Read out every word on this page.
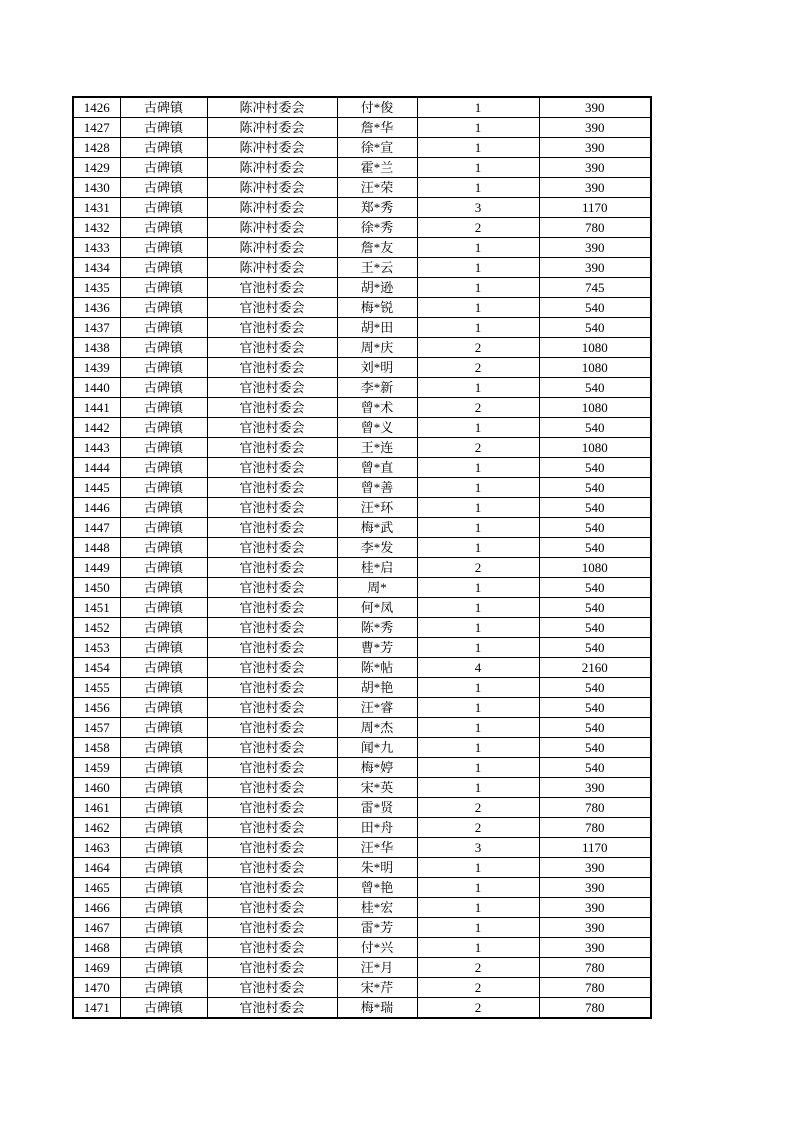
1426	古碑镇	陈冲村委会	付*俊	1	390
1427	古碑镇	陈冲村委会	詹*华	1	390
1428	古碑镇	陈冲村委会	徐*宣	1	390
1429	古碑镇	陈冲村委会	霍*兰	1	390
1430	古碑镇	陈冲村委会	汪*荣	1	390
1431	古碑镇	陈冲村委会	郑*秀	3	1170
1432	古碑镇	陈冲村委会	徐*秀	2	780
1433	古碑镇	陈冲村委会	詹*友	1	390
1434	古碑镇	陈冲村委会	王*云	1	390
1435	古碑镇	官池村委会	胡*逊	1	745
1436	古碑镇	官池村委会	梅*锐	1	540
1437	古碑镇	官池村委会	胡*田	1	540
1438	古碑镇	官池村委会	周*庆	2	1080
1439	古碑镇	官池村委会	刘*明	2	1080
1440	古碑镇	官池村委会	李*新	1	540
1441	古碑镇	官池村委会	曾*术	2	1080
1442	古碑镇	官池村委会	曾*义	1	540
1443	古碑镇	官池村委会	王*连	2	1080
1444	古碑镇	官池村委会	曾*直	1	540
1445	古碑镇	官池村委会	曾*善	1	540
1446	古碑镇	官池村委会	汪*环	1	540
1447	古碑镇	官池村委会	梅*武	1	540
1448	古碑镇	官池村委会	李*发	1	540
1449	古碑镇	官池村委会	桂*启	2	1080
1450	古碑镇	官池村委会	周*	1	540
1451	古碑镇	官池村委会	何*凤	1	540
1452	古碑镇	官池村委会	陈*秀	1	540
1453	古碑镇	官池村委会	曹*芳	1	540
1454	古碑镇	官池村委会	陈*帖	4	2160
1455	古碑镇	官池村委会	胡*艳	1	540
1456	古碑镇	官池村委会	汪*睿	1	540
1457	古碑镇	官池村委会	周*杰	1	540
1458	古碑镇	官池村委会	闻*九	1	540
1459	古碑镇	官池村委会	梅*婷	1	540
1460	古碑镇	官池村委会	宋*英	1	390
1461	古碑镇	官池村委会	雷*贤	2	780
1462	古碑镇	官池村委会	田*舟	2	780
1463	古碑镇	官池村委会	汪*华	3	1170
1464	古碑镇	官池村委会	朱*明	1	390
1465	古碑镇	官池村委会	曾*艳	1	390
1466	古碑镇	官池村委会	桂*宏	1	390
1467	古碑镇	官池村委会	雷*芳	1	390
1468	古碑镇	官池村委会	付*兴	1	390
1469	古碑镇	官池村委会	汪*月	2	780
1470	古碑镇	官池村委会	宋*芹	2	780
1471	古碑镇	官池村委会	梅*瑞	2	780
